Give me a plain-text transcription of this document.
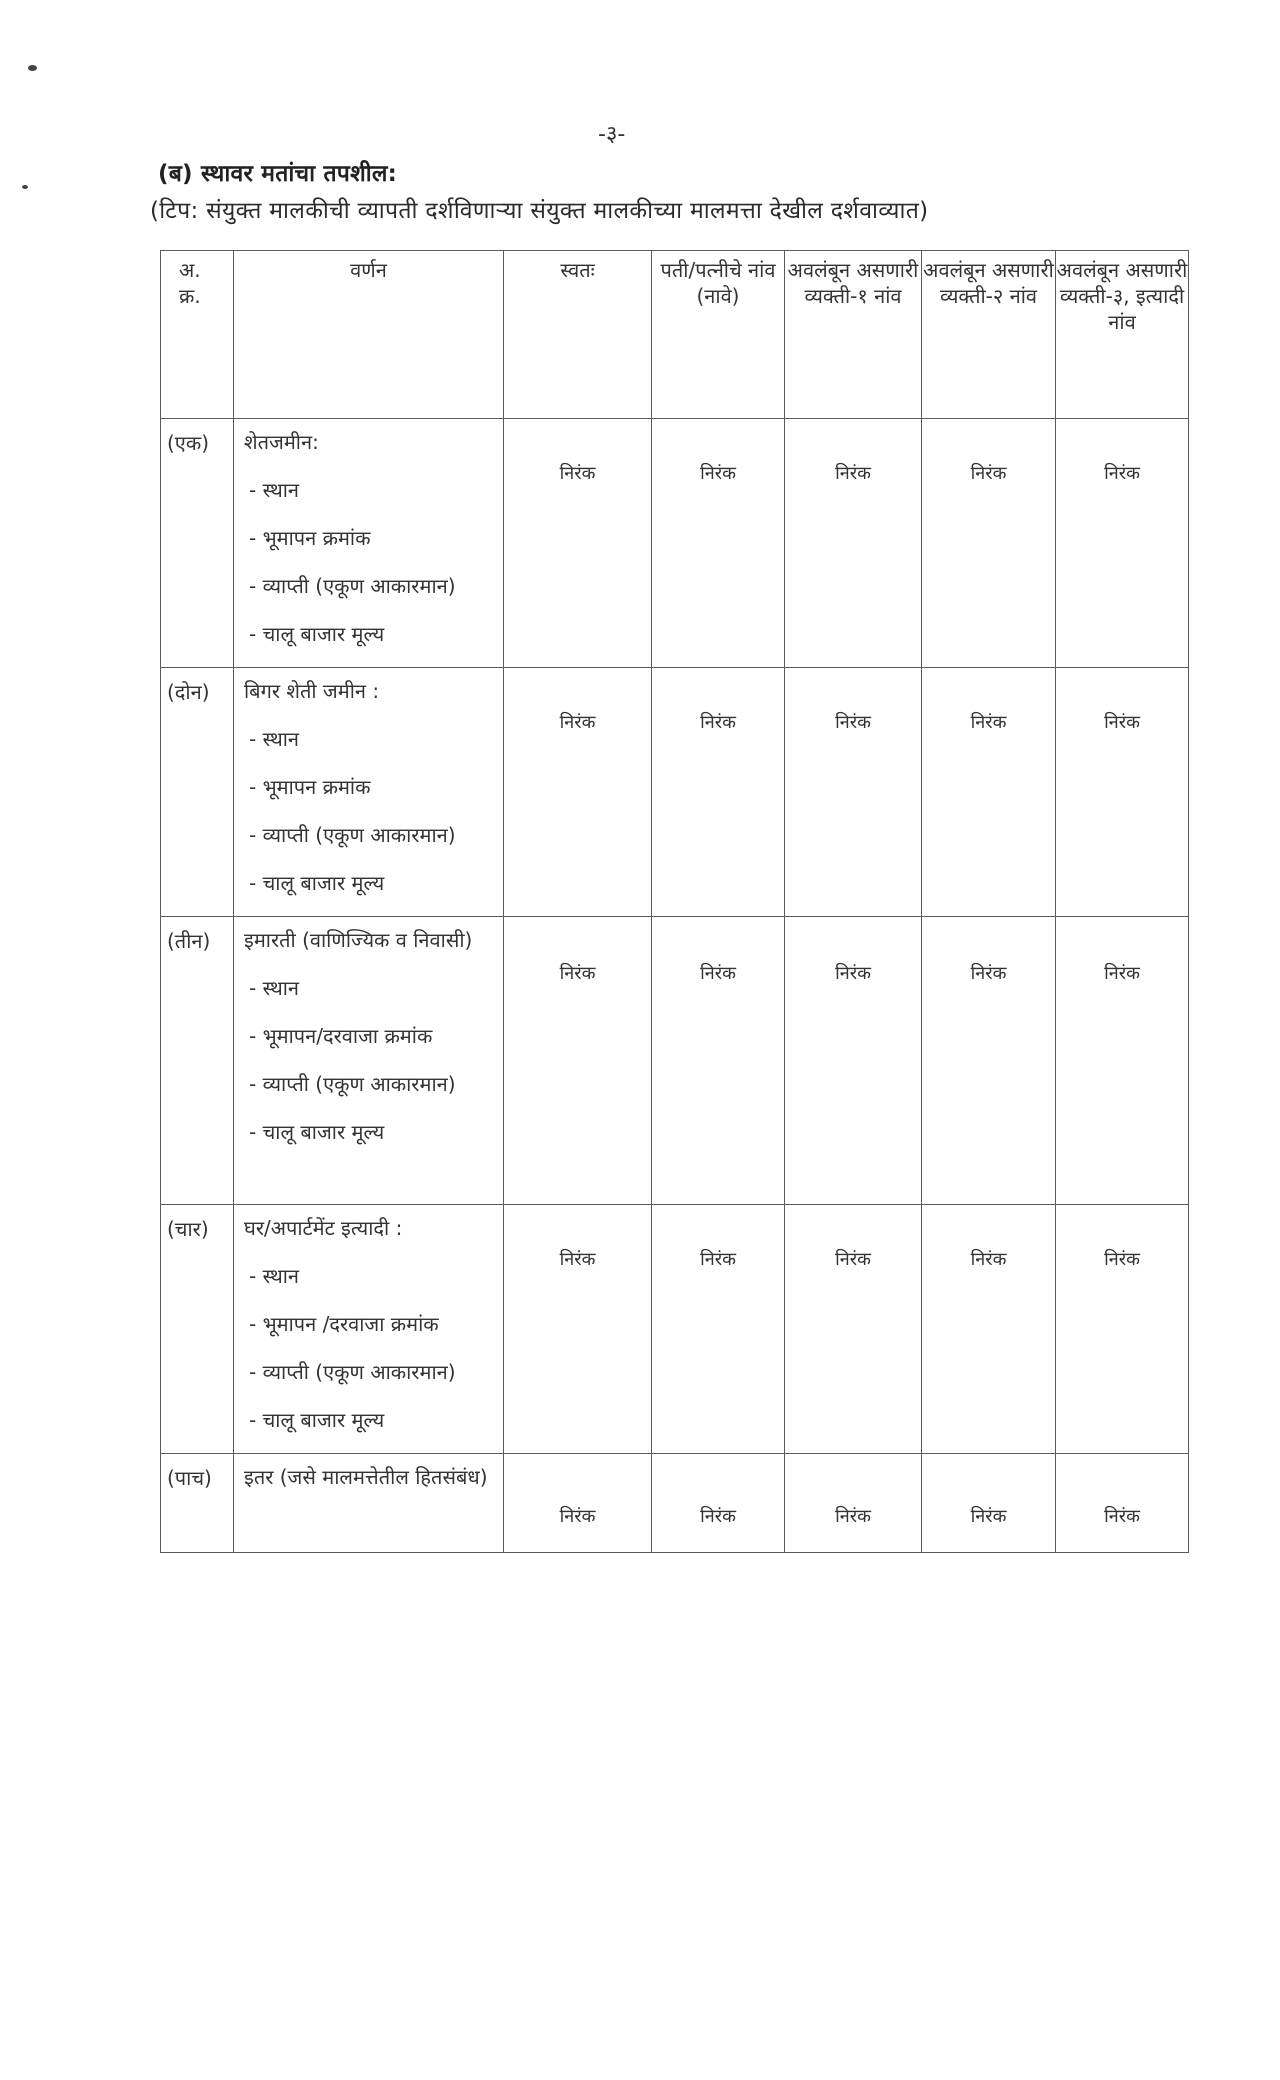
-३-
(ब) स्थावर मतांचा तपशील:
(टिप: संयुक्त मालकीची व्यापती दर्शविणाऱ्या संयुक्त मालकीच्या मालमत्ता देखील दर्शवाव्यात)
अ. क्र.	वर्णन	स्वतः	पती/पत्नीचे नांव (नावे)	अवलंबून असणारी व्यक्ती-१ नांव	अवलंबून असणारी व्यक्ती-२ नांव	अवलंबून असणारी व्यक्ती-३, इत्यादी नांव
(एक)	शेतजमीन:
- स्थान
- भूमापन क्रमांक
- व्याप्ती (एकूण आकारमान)
- चालू बाजार मूल्य	निरंक	निरंक	निरंक	निरंक	निरंक
(दोन)	बिगर शेती जमीन :
- स्थान
- भूमापन क्रमांक
- व्याप्ती (एकूण आकारमान)
- चालू बाजार मूल्य	निरंक	निरंक	निरंक	निरंक	निरंक
(तीन)	इमारती (वाणिज्यिक व निवासी)
- स्थान
- भूमापन/दरवाजा क्रमांक
- व्याप्ती (एकूण आकारमान)
- चालू बाजार मूल्य	निरंक	निरंक	निरंक	निरंक	निरंक
(चार)	घर/अपार्टमेंट इत्यादी :
- स्थान
- भूमापन /दरवाजा क्रमांक
- व्याप्ती (एकूण आकारमान)
- चालू बाजार मूल्य	निरंक	निरंक	निरंक	निरंक	निरंक
(पाच)	इतर (जसे मालमत्तेतील हितसंबंध)	निरंक	निरंक	निरंक	निरंक	निरंक
